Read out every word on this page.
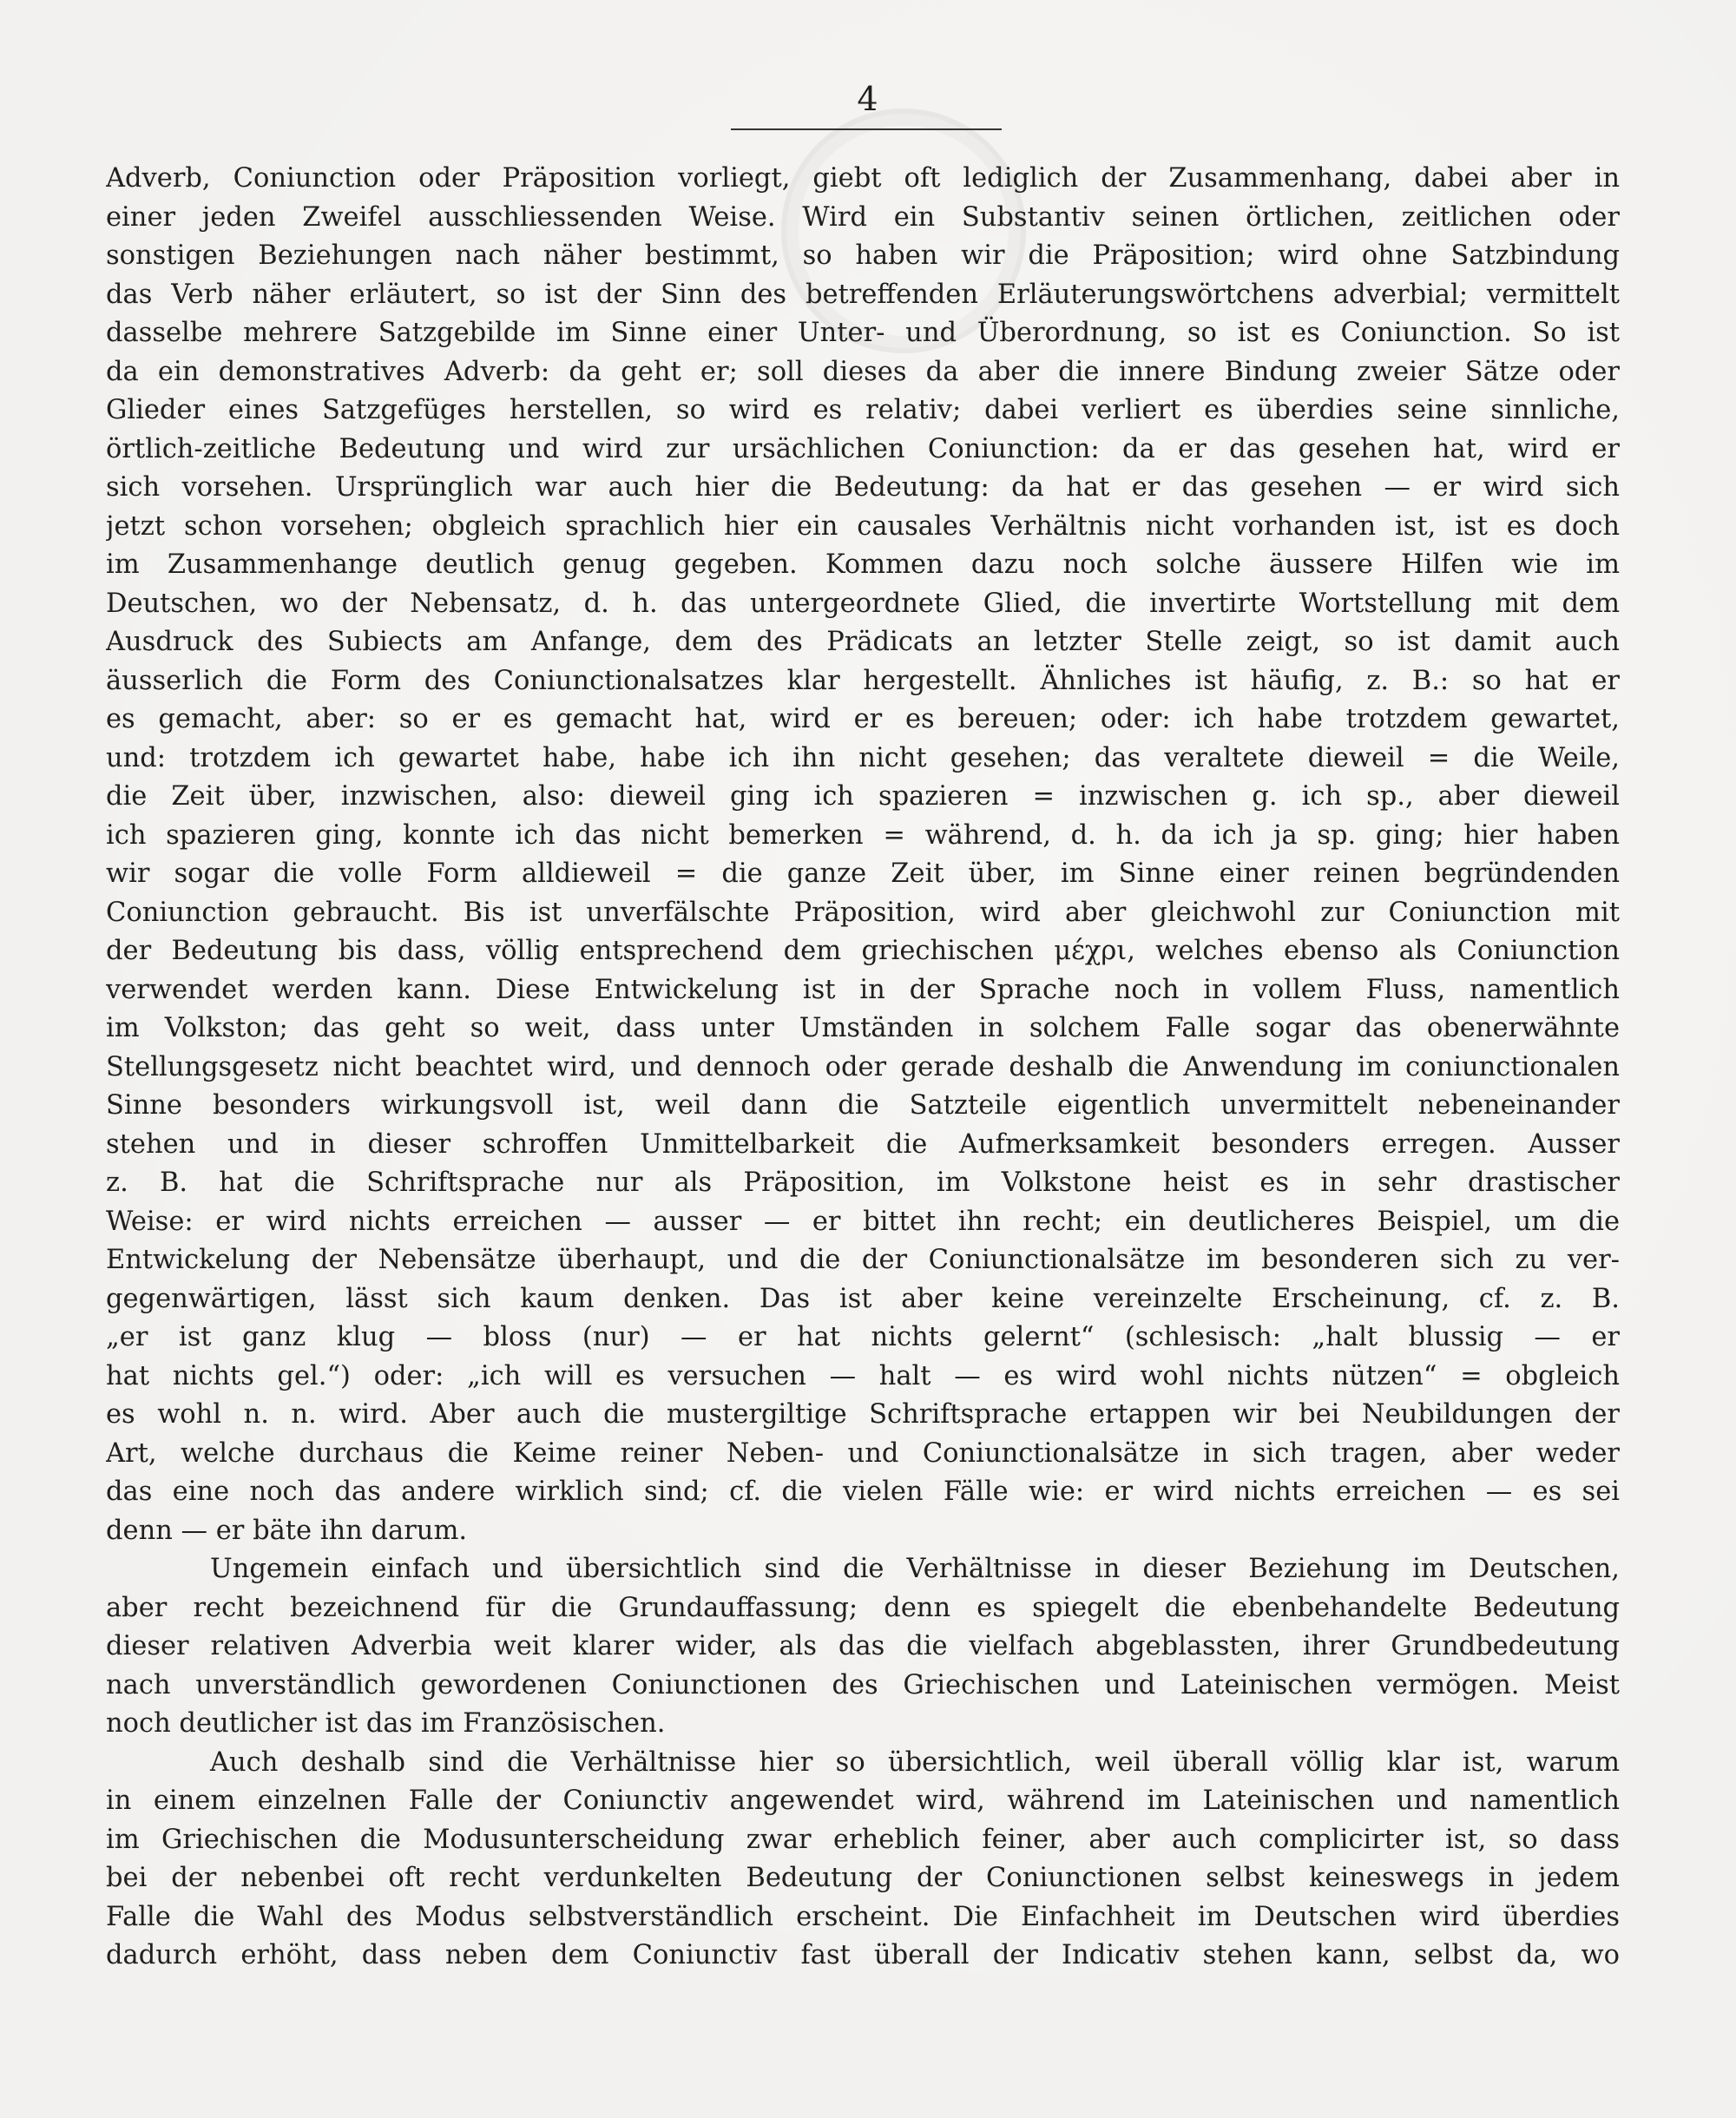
4
Adverb, Coniunction oder Präposition vorliegt, giebt oft lediglich der Zusammenhang, dabei aber in
einer jeden Zweifel ausschliessenden Weise. Wird ein Substantiv seinen örtlichen, zeitlichen oder
sonstigen Beziehungen nach näher bestimmt, so haben wir die Präposition; wird ohne Satzbindung
das Verb näher erläutert, so ist der Sinn des betreffenden Erläuterungswörtchens adverbial; vermittelt
dasselbe mehrere Satzgebilde im Sinne einer Unter- und Überordnung, so ist es Coniunction. So ist
da ein demonstratives Adverb: da geht er; soll dieses da aber die innere Bindung zweier Sätze oder
Glieder eines Satzgefüges herstellen, so wird es relativ; dabei verliert es überdies seine sinnliche,
örtlich-zeitliche Bedeutung und wird zur ursächlichen Coniunction: da er das gesehen hat, wird er
sich vorsehen. Ursprünglich war auch hier die Bedeutung: da hat er das gesehen — er wird sich
jetzt schon vorsehen; obgleich sprachlich hier ein causales Verhältnis nicht vorhanden ist, ist es doch
im Zusammenhange deutlich genug gegeben. Kommen dazu noch solche äussere Hilfen wie im
Deutschen, wo der Nebensatz, d. h. das untergeordnete Glied, die invertirte Wortstellung mit dem
Ausdruck des Subiects am Anfange, dem des Prädicats an letzter Stelle zeigt, so ist damit auch
äusserlich die Form des Coniunctionalsatzes klar hergestellt. Ähnliches ist häufig, z. B.: so hat er
es gemacht, aber: so er es gemacht hat, wird er es bereuen; oder: ich habe trotzdem gewartet,
und: trotzdem ich gewartet habe, habe ich ihn nicht gesehen; das veraltete dieweil = die Weile,
die Zeit über, inzwischen, also: dieweil ging ich spazieren = inzwischen g. ich sp., aber dieweil
ich spazieren ging, konnte ich das nicht bemerken = während, d. h. da ich ja sp. ging; hier haben
wir sogar die volle Form alldieweil = die ganze Zeit über, im Sinne einer reinen begründenden
Coniunction gebraucht. Bis ist unverfälschte Präposition, wird aber gleichwohl zur Coniunction mit
der Bedeutung bis dass, völlig entsprechend dem griechischen μέχρι, welches ebenso als Coniunction
verwendet werden kann. Diese Entwickelung ist in der Sprache noch in vollem Fluss, namentlich
im Volkston; das geht so weit, dass unter Umständen in solchem Falle sogar das obenerwähnte
Stellungsgesetz nicht beachtet wird, und dennoch oder gerade deshalb die Anwendung im coniunctionalen
Sinne besonders wirkungsvoll ist, weil dann die Satzteile eigentlich unvermittelt nebeneinander
stehen und in dieser schroffen Unmittelbarkeit die Aufmerksamkeit besonders erregen. Ausser
z. B. hat die Schriftsprache nur als Präposition, im Volkstone heist es in sehr drastischer
Weise: er wird nichts erreichen — ausser — er bittet ihn recht; ein deutlicheres Beispiel, um die
Entwickelung der Nebensätze überhaupt, und die der Coniunctionalsätze im besonderen sich zu ver-
gegenwärtigen, lässt sich kaum denken. Das ist aber keine vereinzelte Erscheinung, cf. z. B.
„er ist ganz klug — bloss (nur) — er hat nichts gelernt“ (schlesisch: „halt blussig — er
hat nichts gel.“) oder: „ich will es versuchen — halt — es wird wohl nichts nützen“ = obgleich
es wohl n. n. wird. Aber auch die mustergiltige Schriftsprache ertappen wir bei Neubildungen der
Art, welche durchaus die Keime reiner Neben- und Coniunctionalsätze in sich tragen, aber weder
das eine noch das andere wirklich sind; cf. die vielen Fälle wie: er wird nichts erreichen — es sei
denn — er bäte ihn darum.
Ungemein einfach und übersichtlich sind die Verhältnisse in dieser Beziehung im Deutschen,
aber recht bezeichnend für die Grundauffassung; denn es spiegelt die ebenbehandelte Bedeutung
dieser relativen Adverbia weit klarer wider, als das die vielfach abgeblassten, ihrer Grundbedeutung
nach unverständlich gewordenen Coniunctionen des Griechischen und Lateinischen vermögen. Meist
noch deutlicher ist das im Französischen.
Auch deshalb sind die Verhältnisse hier so übersichtlich, weil überall völlig klar ist, warum
in einem einzelnen Falle der Coniunctiv angewendet wird, während im Lateinischen und namentlich
im Griechischen die Modusunterscheidung zwar erheblich feiner, aber auch complicirter ist, so dass
bei der nebenbei oft recht verdunkelten Bedeutung der Coniunctionen selbst keineswegs in jedem
Falle die Wahl des Modus selbstverständlich erscheint. Die Einfachheit im Deutschen wird überdies
dadurch erhöht, dass neben dem Coniunctiv fast überall der Indicativ stehen kann, selbst da, wo
